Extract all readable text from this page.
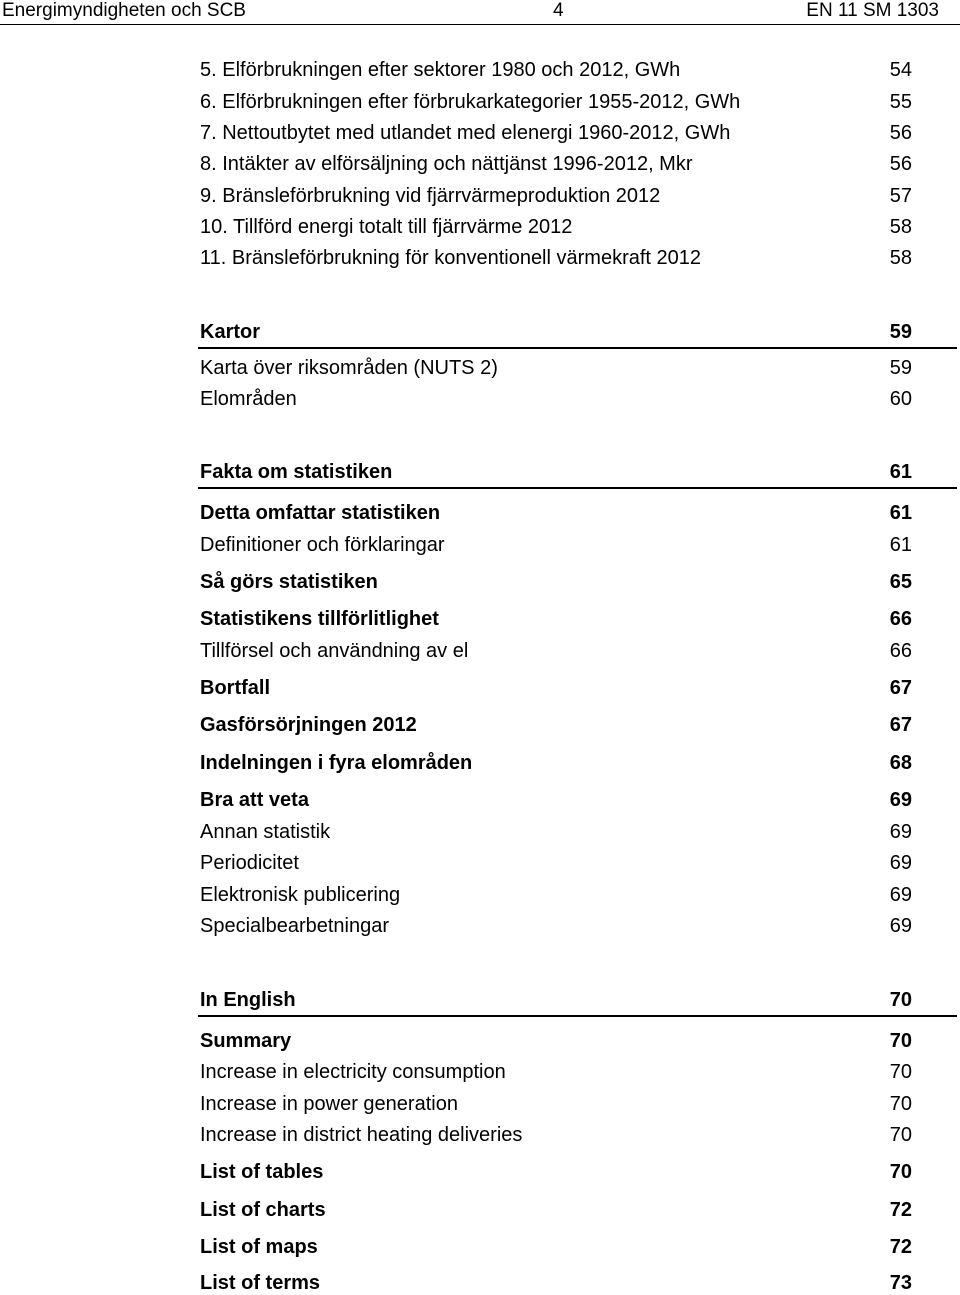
Energimyndigheten och SCB	4	EN 11 SM 1303
5. Elförbrukningen efter sektorer 1980 och 2012, GWh	54
6. Elförbrukningen efter förbrukarkategorier 1955-2012, GWh	55
7. Nettoutbytet med utlandet med elenergi 1960-2012, GWh	56
8. Intäkter av elförsäljning och nättjänst 1996-2012, Mkr	56
9. Bränsleförbrukning vid fjärrvärmeproduktion 2012	57
10. Tillförd energi totalt till fjärrvärme 2012	58
11. Bränsleförbrukning för konventionell värmekraft 2012	58
Kartor	59
Karta över riksområden (NUTS 2)	59
Elområden	60
Fakta om statistiken	61
Detta omfattar statistiken	61
Definitioner och förklaringar	61
Så görs statistiken	65
Statistikens tillförlitlighet	66
Tillförsel och användning av el	66
Bortfall	67
Gasförsörjningen 2012	67
Indelningen i fyra elområden	68
Bra att veta	69
Annan statistik	69
Periodicitet	69
Elektronisk publicering	69
Specialbearbetningar	69
In English	70
Summary	70
Increase in electricity consumption	70
Increase in power generation	70
Increase in district heating deliveries	70
List of tables	70
List of charts	72
List of maps	72
List of terms	73
